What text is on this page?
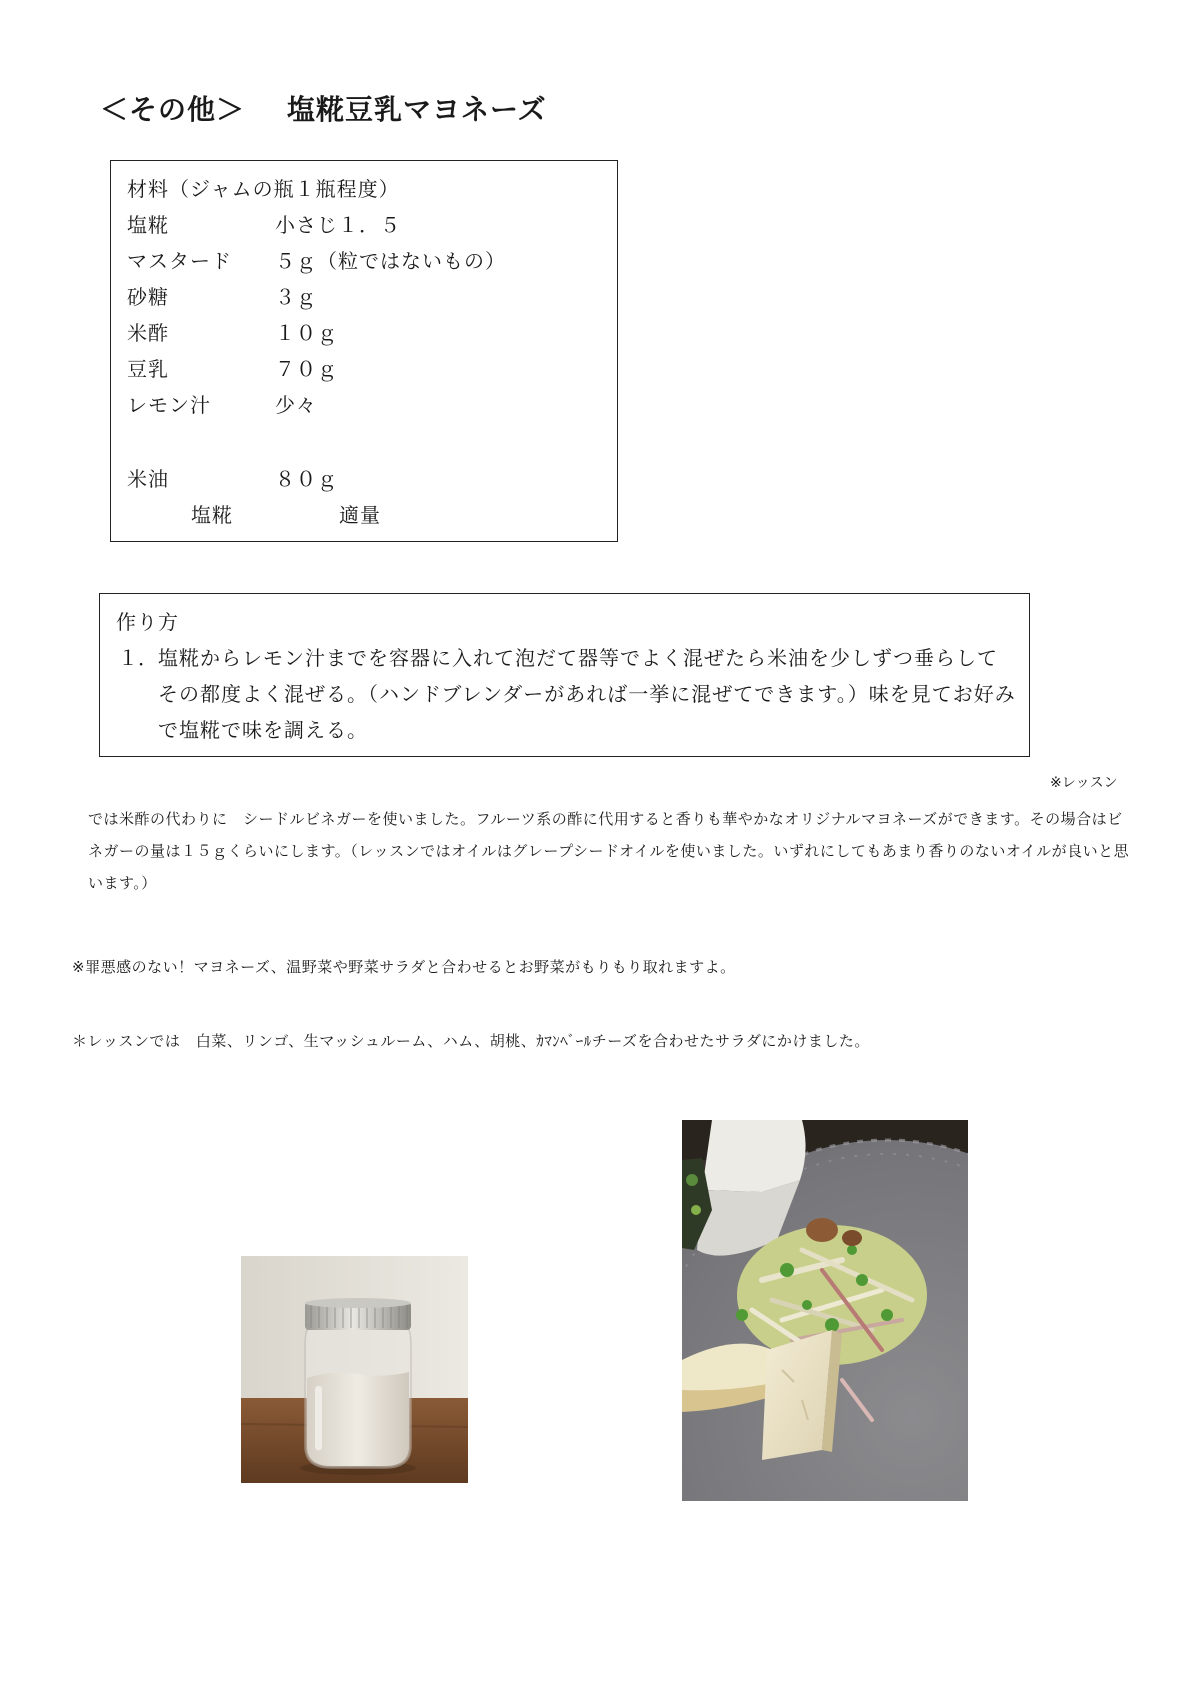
＜その他＞ 塩糀豆乳マヨネーズ
材料（ジャムの瓶１瓶程度）
塩糀	小さじ１．５
マスタード ５ｇ（粒ではないもの）
砂糖	３ｇ
米酢	１０ｇ
豆乳	７０ｇ
レモン汁	少々
米油	８０ｇ
塩糀	適量
作り方
１． 塩糀からレモン汁までを容器に入れて泡だて器等でよく混ぜたら米油を少しずつ垂らしてその都度よく混ぜる。（ハンドブレンダーがあれば一挙に混ぜてできます。）味を見てお好みで塩糀で味を調える。
※レッスン
では米酢の代わりに　シードルビネガーを使いました。フルーツ系の酢に代用すると香りも華やかなオリジナルマヨネーズができます。その場合はビネガーの量は１５ｇくらいにします。（レッスンではオイルはグレープシードオイルを使いました。いずれにしてもあまり香りのないオイルが良いと思います。）
※罪悪感のない！マヨネーズ、温野菜や野菜サラダと合わせるとお野菜がもりもり取れますよ。
＊レッスンでは　白菜、リンゴ、生マッシュルーム、ハム、胡桃、ｶﾏﾝﾍﾞｰﾙチーズを合わせたサラダにかけました。
